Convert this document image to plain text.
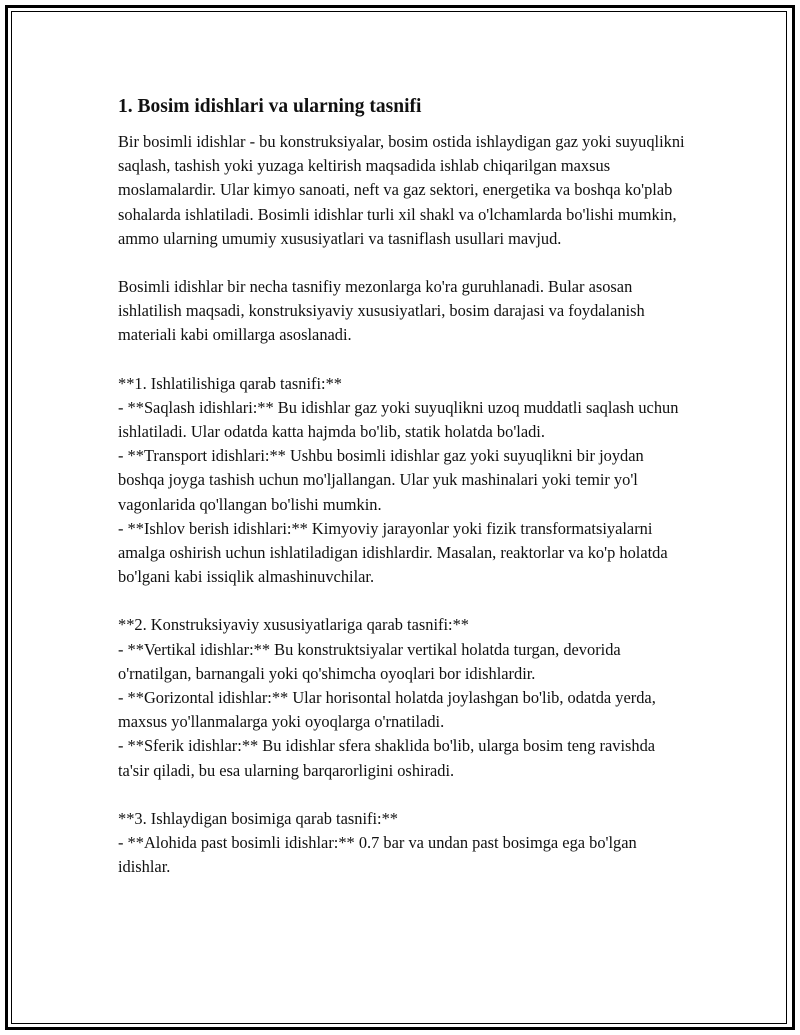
1. Bosim idishlari va ularning tasnifi
Bir bosimli idishlar - bu konstruksiyalar, bosim ostida ishlaydigan gaz yoki suyuqlikni saqlash, tashish yoki yuzaga keltirish maqsadida ishlab chiqarilgan maxsus moslamalardir. Ular kimyo sanoati, neft va gaz sektori, energetika va boshqa ko'plab sohalarda ishlatiladi. Bosimli idishlar turli xil shakl va o'lchamlarda bo'lishi mumkin, ammo ularning umumiy xususiyatlari va tasniflash usullari mavjud.
Bosimli idishlar bir necha tasnifiy mezonlarga ko'ra guruhlanadi. Bular asosan ishlatilish maqsadi, konstruksiyaviy xususiyatlari, bosim darajasi va foydalanish materiali kabi omillarga asoslanadi.
**1. Ishlatilishiga qarab tasnifi:**
- **Saqlash idishlari:** Bu idishlar gaz yoki suyuqlikni uzoq muddatli saqlash uchun ishlatiladi. Ular odatda katta hajmda bo'lib, statik holatda bo'ladi.
- **Transport idishlari:** Ushbu bosimli idishlar gaz yoki suyuqlikni bir joydan boshqa joyga tashish uchun mo'ljallangan. Ular yuk mashinalari yoki temir yo'l vagonlarida qo'llangan bo'lishi mumkin.
- **Ishlov berish idishlari:** Kimyoviy jarayonlar yoki fizik transformatsiyalarni amalga oshirish uchun ishlatiladigan idishlardir. Masalan, reaktorlar va ko'p holatda bo'lgani kabi issiqlik almashinuvchilar.
**2. Konstruksiyaviy xususiyatlariga qarab tasnifi:**
- **Vertikal idishlar:** Bu konstruktsiyalar vertikal holatda turgan, devorida o'rnatilgan, barnangali yoki qo'shimcha oyoqlari bor idishlardir.
- **Gorizontal idishlar:** Ular horisontal holatda joylashgan bo'lib, odatda yerda, maxsus yo'llanmalarga yoki oyoqlarga o'rnatiladi.
- **Sferik idishlar:** Bu idishlar sfera shaklida bo'lib, ularga bosim teng ravishda ta'sir qiladi, bu esa ularning barqarorligini oshiradi.
**3. Ishlaydigan bosimiga qarab tasnifi:**
- **Alohida past bosimli idishlar:** 0.7 bar va undan past bosimga ega bo'lgan idishlar.
